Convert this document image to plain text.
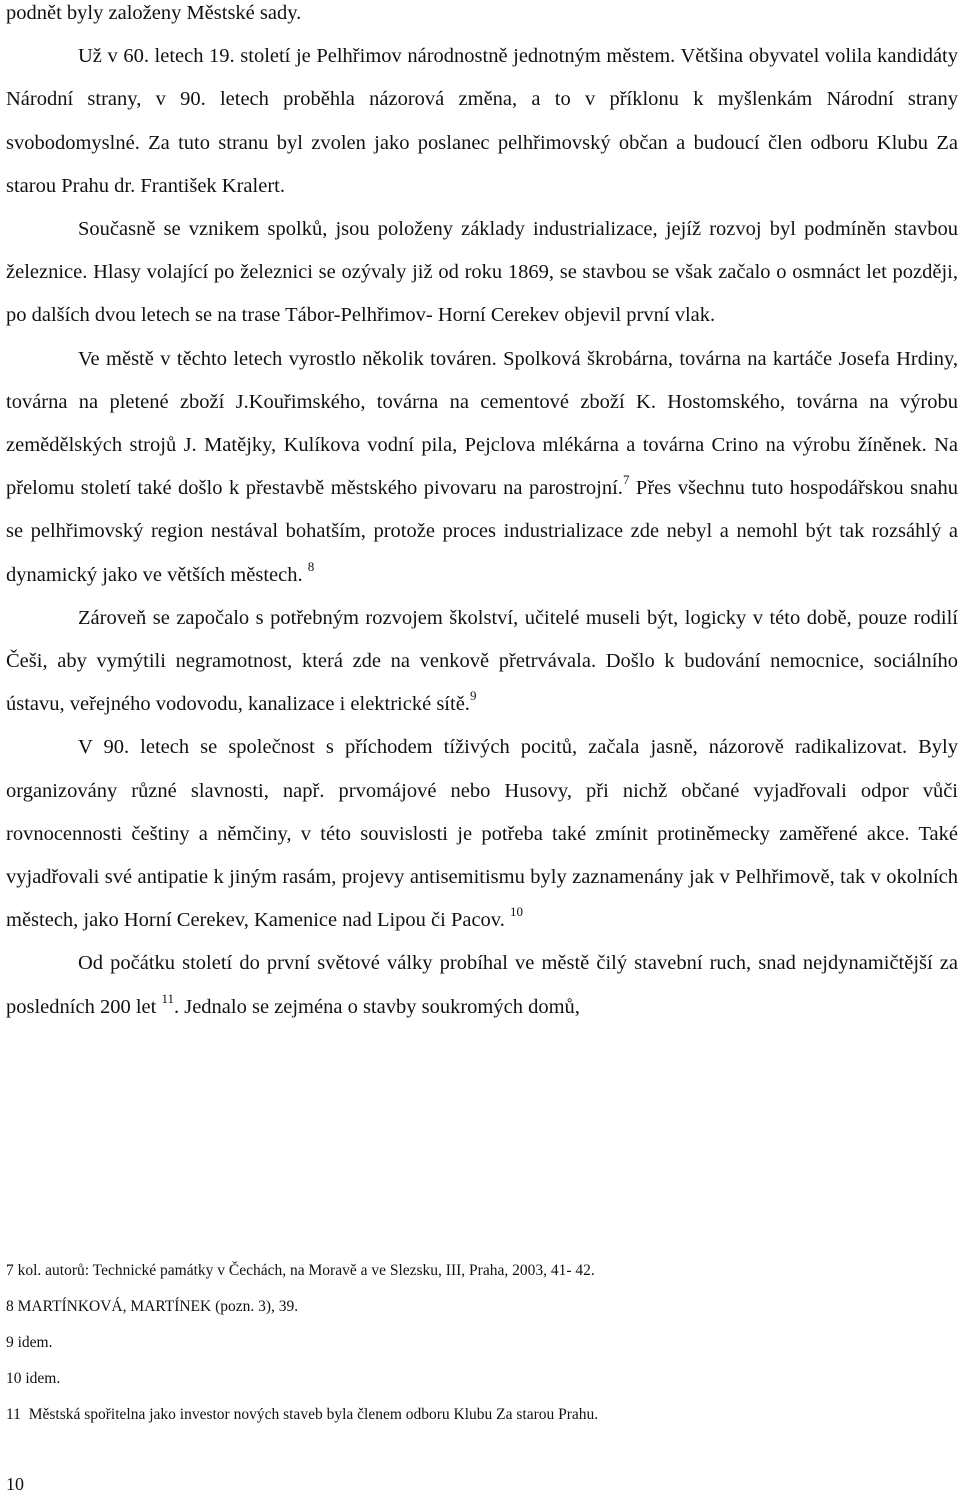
podnět byly založeny Městské sady.

Už v 60. letech 19. století je Pelhřimov národnostně jednotným městem. Většina obyvatel volila kandidáty Národní strany, v 90. letech proběhla názorová změna, a to v příklonu k myšlenkám Národní strany svobodomyslné. Za tuto stranu byl zvolen jako poslanec pelhřimovský občan a budoucí člen odboru Klubu Za starou Prahu dr. František Kralert.

Současně se vznikem spolků, jsou položeny základy industrializace, jejíž rozvoj byl podmíněn stavbou železnice. Hlasy volající po železnici se ozývaly již od roku 1869, se stavbou se však začalo o osmnáct let později, po dalších dvou letech se na trase Tábor-Pelhřimov- Horní Cerekev objevil první vlak.

Ve městě v těchto letech vyrostlo několik továren. Spolková škrobárna, továrna na kartáče Josefa Hrdiny, továrna na pletené zboží J.Kouřimského, továrna na cementové zboží K. Hostomského, továrna na výrobu zemědělských strojů J. Matějky, Kulíkova vodní pila, Pejclova mlékárna a továrna Crino na výrobu žíněnek. Na přelomu století také došlo k přestavbě městského pivovaru na parostrojní.$^7$ Přes všechnu tuto hospodářskou snahu se pelhřimovský region nestával bohatším, protože proces industrializace zde nebyl a nemohl být tak rozsáhlý a dynamický jako ve větších městech. $^8$

Zároveň se započalo s potřebným rozvojem školství, učitelé museli být, logicky v této době, pouze rodilí Češi, aby vymýtili negramotnost, která zde na venkově přetrvávala. Došlo k budování nemocnice, sociálního ústavu, veřejného vodovodu, kanalizace i elektrické sítě.$^9$

V 90. letech se společnost s příchodem tíživých pocitů, začala jasně, názorově radikalizovat. Byly organizovány různé slavnosti, např. prvomájové nebo Husovy, při nichž občané vyjadřovali odpor vůči rovnocennosti češtiny a němčiny, v této souvislosti je potřeba také zmínit protiněmecky zaměřené akce. Také vyjadřovali své antipatie k jiným rasám, projevy antisemitismu byly zaznamenány jak v Pelhřimově, tak v okolních městech, jako Horní Cerekev, Kamenice nad Lipou či Pacov. $^{10}$

Od počátku století do první světové války probíhal ve městě čilý stavební ruch, snad nejdynamičtější za posledních 200 let $^{11}$. Jednalo se zejména o stavby soukromých domů,

7 kol. autorů: Technické památky v Čechách, na Moravě a ve Slezsku, III, Praha, 2003, 41- 42.
8 MARTÍNKOVÁ, MARTÍNEK (pozn. 3), 39.
9 idem.
10 idem.
11 Městská spořitelna jako investor nových staveb byla členem odboru Klubu Za starou Prahu.
10
